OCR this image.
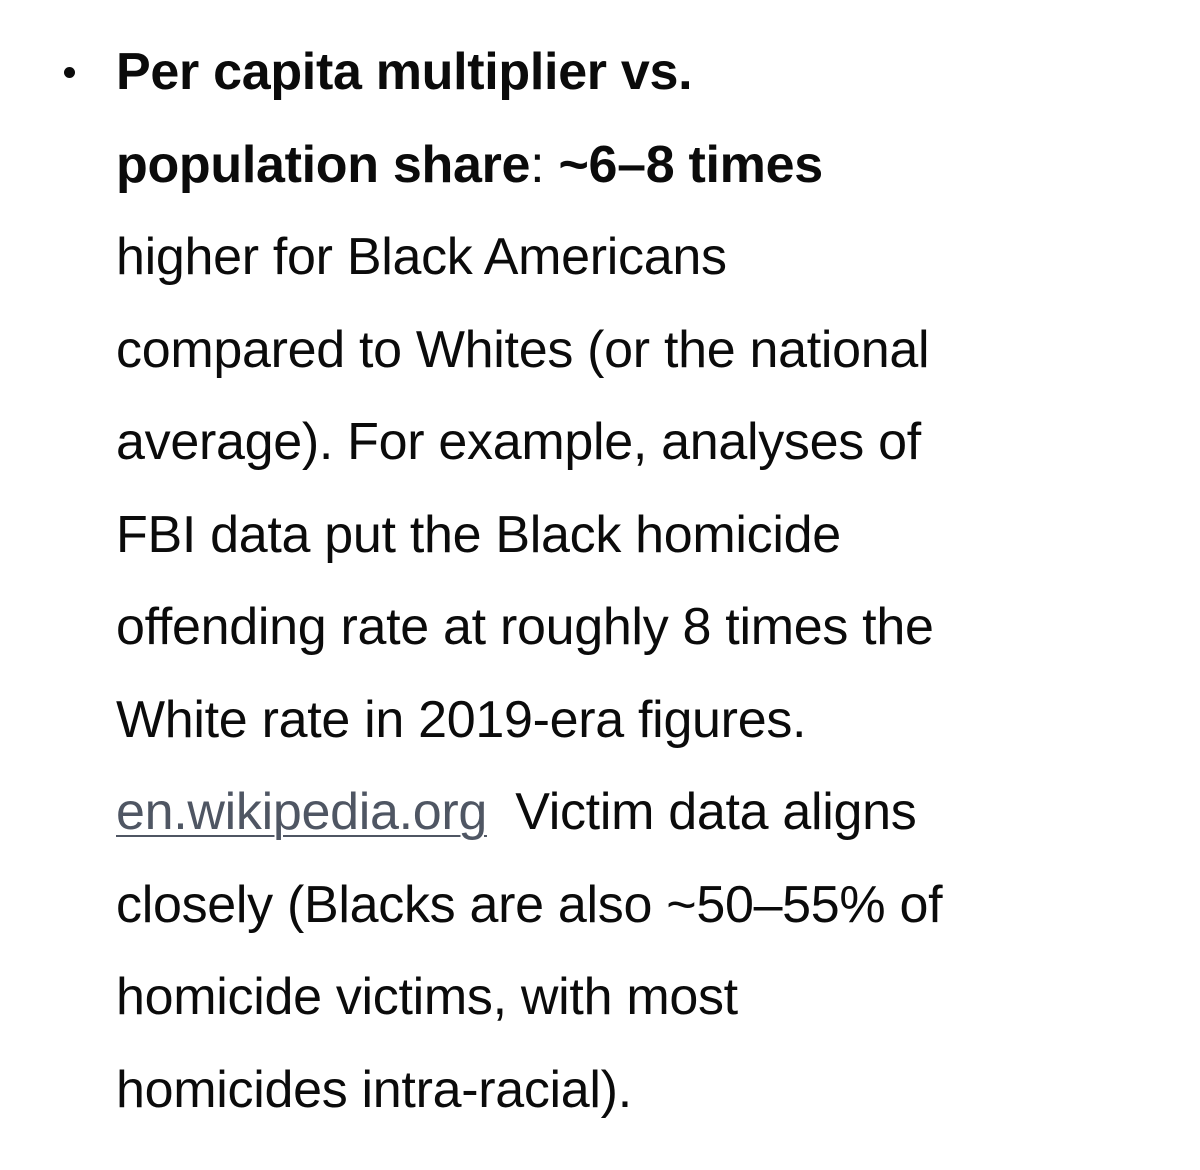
Per capita multiplier vs.
population share: ~6–8 times
higher for Black Americans
compared to Whites (or the national
average). For example, analyses of
FBI data put the Black homicide
offending rate at roughly 8 times the
White rate in 2019-era figures.
en.wikipedia.org Victim data aligns
closely (Blacks are also ~50–55% of
homicide victims, with most
homicides intra-racial).
